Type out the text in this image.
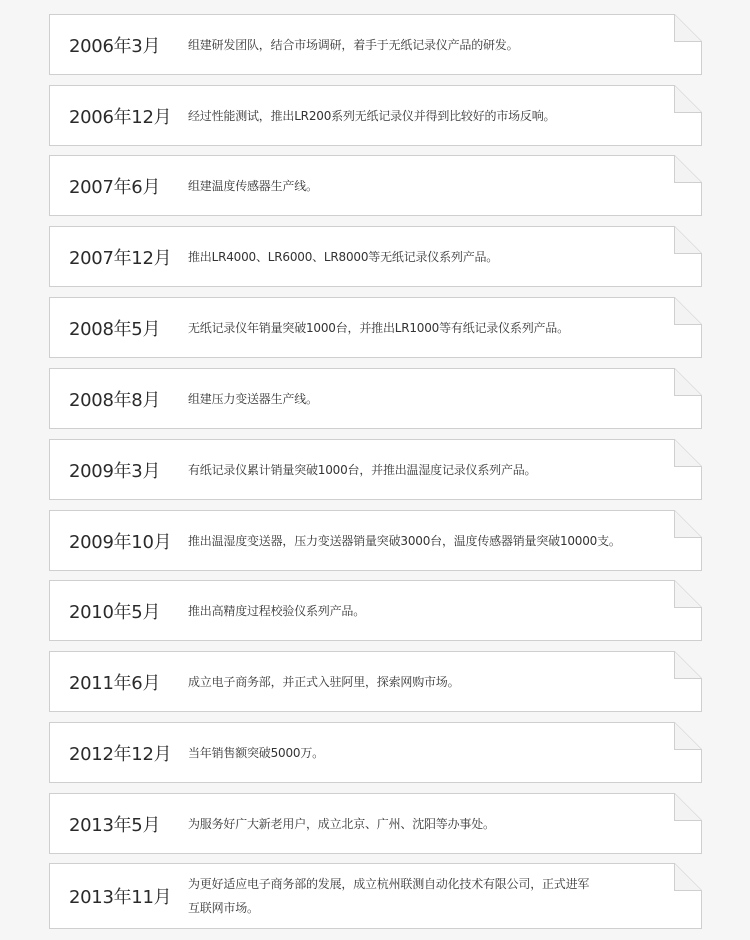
2006年3月 组建研发团队，结合市场调研，着手于无纸记录仪产品的研发。
2006年12月 经过性能测试，推出LR200系列无纸记录仪并得到比较好的市场反响。
2007年6月 组建温度传感器生产线。
2007年12月 推出LR4000、LR6000、LR8000等无纸记录仪系列产品。
2008年5月 无纸记录仪年销量突破1000台，并推出LR1000等有纸记录仪系列产品。
2008年8月 组建压力变送器生产线。
2009年3月 有纸记录仪累计销量突破1000台，并推出温湿度记录仪系列产品。
2009年10月 推出温湿度变送器，压力变送器销量突破3000台，温度传感器销量突破10000支。
2010年5月 推出高精度过程校验仪系列产品。
2011年6月 成立电子商务部，并正式入驻阿里，探索网购市场。
2012年12月 当年销售额突破5000万。
2013年5月 为服务好广大新老用户，成立北京、广州、沈阳等办事处。
2013年11月
为更好适应电子商务部的发展，成立杭州联测自动化技术有限公司，正式进军
互联网市场。
